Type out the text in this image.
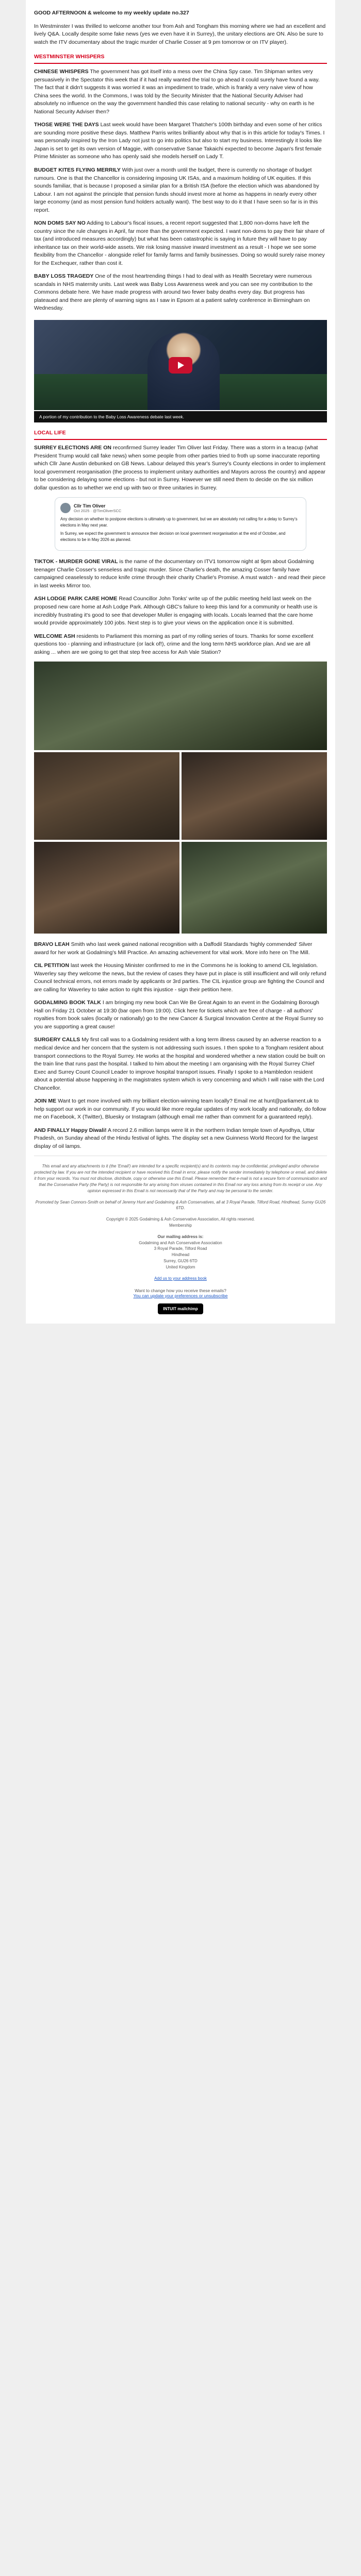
GOOD AFTERNOON & welcome to my weekly update no.327

In Westminster I was thrilled to welcome another tour from Ash and Tongham this morning where we had an excellent and lively Q&A. Locally despite some fake news (yes we even have it in Surrey), the unitary elections are ON. Also be sure to watch the ITV documentary about the tragic murder of Charlie Cosser at 9 pm tomorrow or on ITV player).

WESTMINSTER WHISPERS

CHINESE WHISPERS The government has got itself into a mess over the China Spy case. Tim Shipman writes very persuasively in the Spectator this week that if it had really wanted the trial to go ahead it could surely have found a way. The fact that it didn't suggests it was worried it was an impediment to trade, which is frankly a very naive view of how China sees the world. In the Commons, I was told by the Security Minister that the National Security Adviser had absolutely no influence on the way the government handled this case relating to national security - why on earth is he National Security Adviser then?

THOSE WERE THE DAYS Last week would have been Margaret Thatcher's 100th birthday and even some of her critics are sounding more positive these days. Matthew Parris writes brilliantly about why that is in this article for today's Times. I was personally inspired by the Iron Lady not just to go into politics but also to start my business. Interestingly it looks like Japan is set to get its own version of Maggie, with conservative Sanae Takaichi expected to become Japan's first female Prime Minister as someone who has openly said she models herself on Lady T.

BUDGET KITES FLYING MERRILY With just over a month until the budget, there is currently no shortage of budget rumours. One is that the Chancellor is considering imposing UK ISAs, and a maximum holding of UK equities. If this sounds familiar, that is because I proposed a similar plan for a British ISA (before the election which was abandoned by Labour. I am not against the principle that pension funds should invest more at home as happens in nearly every other large economy (and as most pension fund holders actually want). The best way to do it that I have seen so far is in this report.

NON DOMS SAY NO Adding to Labour's fiscal issues, a recent report suggested that 1,800 non-doms have left the country since the rule changes in April, far more than the government expected. I want non-doms to pay their fair share of tax (and introduced measures accordingly) but what has been catastrophic is saying in future they will have to pay inheritance tax on their world-wide assets. We risk losing massive inward investment as a result - I hope we see some flexibility from the Chancellor - alongside relief for family farms and family businesses. Doing so would surely raise money for the Exchequer, rather than cost it.

BABY LOSS TRAGEDY One of the most heartrending things I had to deal with as Health Secretary were numerous scandals in NHS maternity units. Last week was Baby Loss Awareness week and you can see my contribution to the Commons debate here. We have made progress with around two fewer baby deaths every day. But progress has plateaued and there are plenty of warning signs as I saw in Epsom at a patient safety conference in Birmingham on Wednesday.

A portion of my contribution to the Baby Loss Awareness debate last week.
LOCAL LIFE

SURREY ELECTIONS ARE ON reconfirmed Surrey leader Tim Oliver last Friday. There was a storm in a teacup (what President Trump would call fake news) when some people from other parties tried to froth up some inaccurate reporting which Cllr Jane Austin debunked on GB News. Labour delayed this year's Surrey's County elections in order to implement local government reorganisation (the process to implement unitary authorities and Mayors across the country) and appear to be considering delaying some elections - but not in Surrey. However we still need them to decide on the six million dollar question as to whether we end up with two or three unitaries in Surrey.

Cllr Tim Oliver
Oct 2025 · @TimOliverSCC

Any decision on whether to postpone elections is ultimately up to government, but we are absolutely not calling for a delay to Surrey's elections in May next year.

In Surrey, we expect the government to announce their decision on local government reorganisation at the end of October, and elections to be in May 2026 as planned.

TIKTOK - MURDER GONE VIRAL is the name of the documentary on ITV1 tomorrow night at 9pm about Godalming teenager Charlie Cosser's senseless and tragic murder. Since Charlie's death, the amazing Cosser family have campaigned ceaselessly to reduce knife crime through their charity Charlie's Promise. A must watch - and read their piece in last weeks Mirror too.

ASH LODGE PARK CARE HOME Read Councillor John Tonks' write up of the public meeting held last week on the proposed new care home at Ash Lodge Park. Although GBC's failure to keep this land for a community or health use is incredibly frustrating it's good to see that developer Muller is engaging with locals. Locals learned that the care home would provide approximately 100 jobs. Next step is to give your views on the application once it is submitted.

WELCOME ASH residents to Parliament this morning as part of my rolling series of tours. Thanks for some excellent questions too - planning and infrastructure (or lack of!), crime and the long term NHS workforce plan. And we are all asking ... when are we going to get that step free access for Ash Vale Station?

BRAVO LEAH Smith who last week gained national recognition with a Daffodil Standards 'highly commended' Silver award for her work at Godalming's Mill Practice. An amazing achievement for vital work. More info here on The Mill.

CIL PETITION last week the Housing Minister confirmed to me in the Commons he is looking to amend CIL legislation. Waverley say they welcome the news, but the review of cases they have put in place is still insufficient and will only refund Council technical errors, not errors made by applicants or 3rd parties. The CIL injustice group are fighting the Council and are calling for Waverley to take action to right this injustice - sign their petition here.

GODALMING BOOK TALK I am bringing my new book Can We Be Great Again to an event in the Godalming Borough Hall on Friday 21 October at 19:30 (bar open from 19:00). Click here for tickets which are free of charge - all authors' royalties from book sales (locally or nationally) go to the new Cancer & Surgical Innovation Centre at the Royal Surrey so you are supporting a great cause!

SURGERY CALLS My first call was to a Godalming resident with a long term illness caused by an adverse reaction to a medical device and her concern that the system is not addressing such issues. I then spoke to a Tongham resident about transport connections to the Royal Surrey. He works at the hospital and wondered whether a new station could be built on the train line that runs past the hospital. I talked to him about the meeting I am organising with the Royal Surrey Chief Exec and Surrey Count Council Leader to improve hospital transport issues. Finally I spoke to a Hambledon resident about a potential abuse happening in the magistrates system which is very concerning and which I will raise with the Lord Chancellor.

JOIN ME Want to get more involved with my brilliant election-winning team locally? Email me at hunt@parliament.uk to help support our work in our community. If you would like more regular updates of my work locally and nationally, do follow me on Facebook, X (Twitter), Bluesky or Instagram (although email me rather than comment for a guaranteed reply).

AND FINALLY Happy Diwali! A record 2.6 million lamps were lit in the northern Indian temple town of Ayodhya, Uttar Pradesh, on Sunday ahead of the Hindu festival of lights. The display set a new Guinness World Record for the largest display of oil lamps.

This email and any attachments to it (the 'Email') are intended for a specific recipient(s) and its contents may be confidential, privileged and/or otherwise protected by law. If you are not the intended recipient or have received this Email in error, please notify the sender immediately by telephone or email, and delete it from your records. You must not disclose, distribute, copy or otherwise use this Email. Please remember that e-mail is not a secure form of communication and that the Conservative Party (the Party) is not responsible for any arising from viruses contained in this Email nor any loss arising from its receipt or use. Any opinion expressed in this Email is not necessarily that of the Party and may be personal to the sender.

Promoted by Sean Connors-Smith on behalf of Jeremy Hunt and Godalming & Ash Conservatives, all at 3 Royal Parade, Tilford Road, Hindhead, Surrey GU26 6TD.

Copyright © 2025 Godalming & Ash Conservative Association, All rights reserved.
Membership

Our mailing address is:
Godalming and Ash Conservative Association
3 Royal Parade, Tilford Road
Hindhead
Surrey, GU26 6TD
United Kingdom

Add us to your address book

Want to change how you receive these emails?
You can update your preferences or unsubscribe
INTUIT mailchimp
